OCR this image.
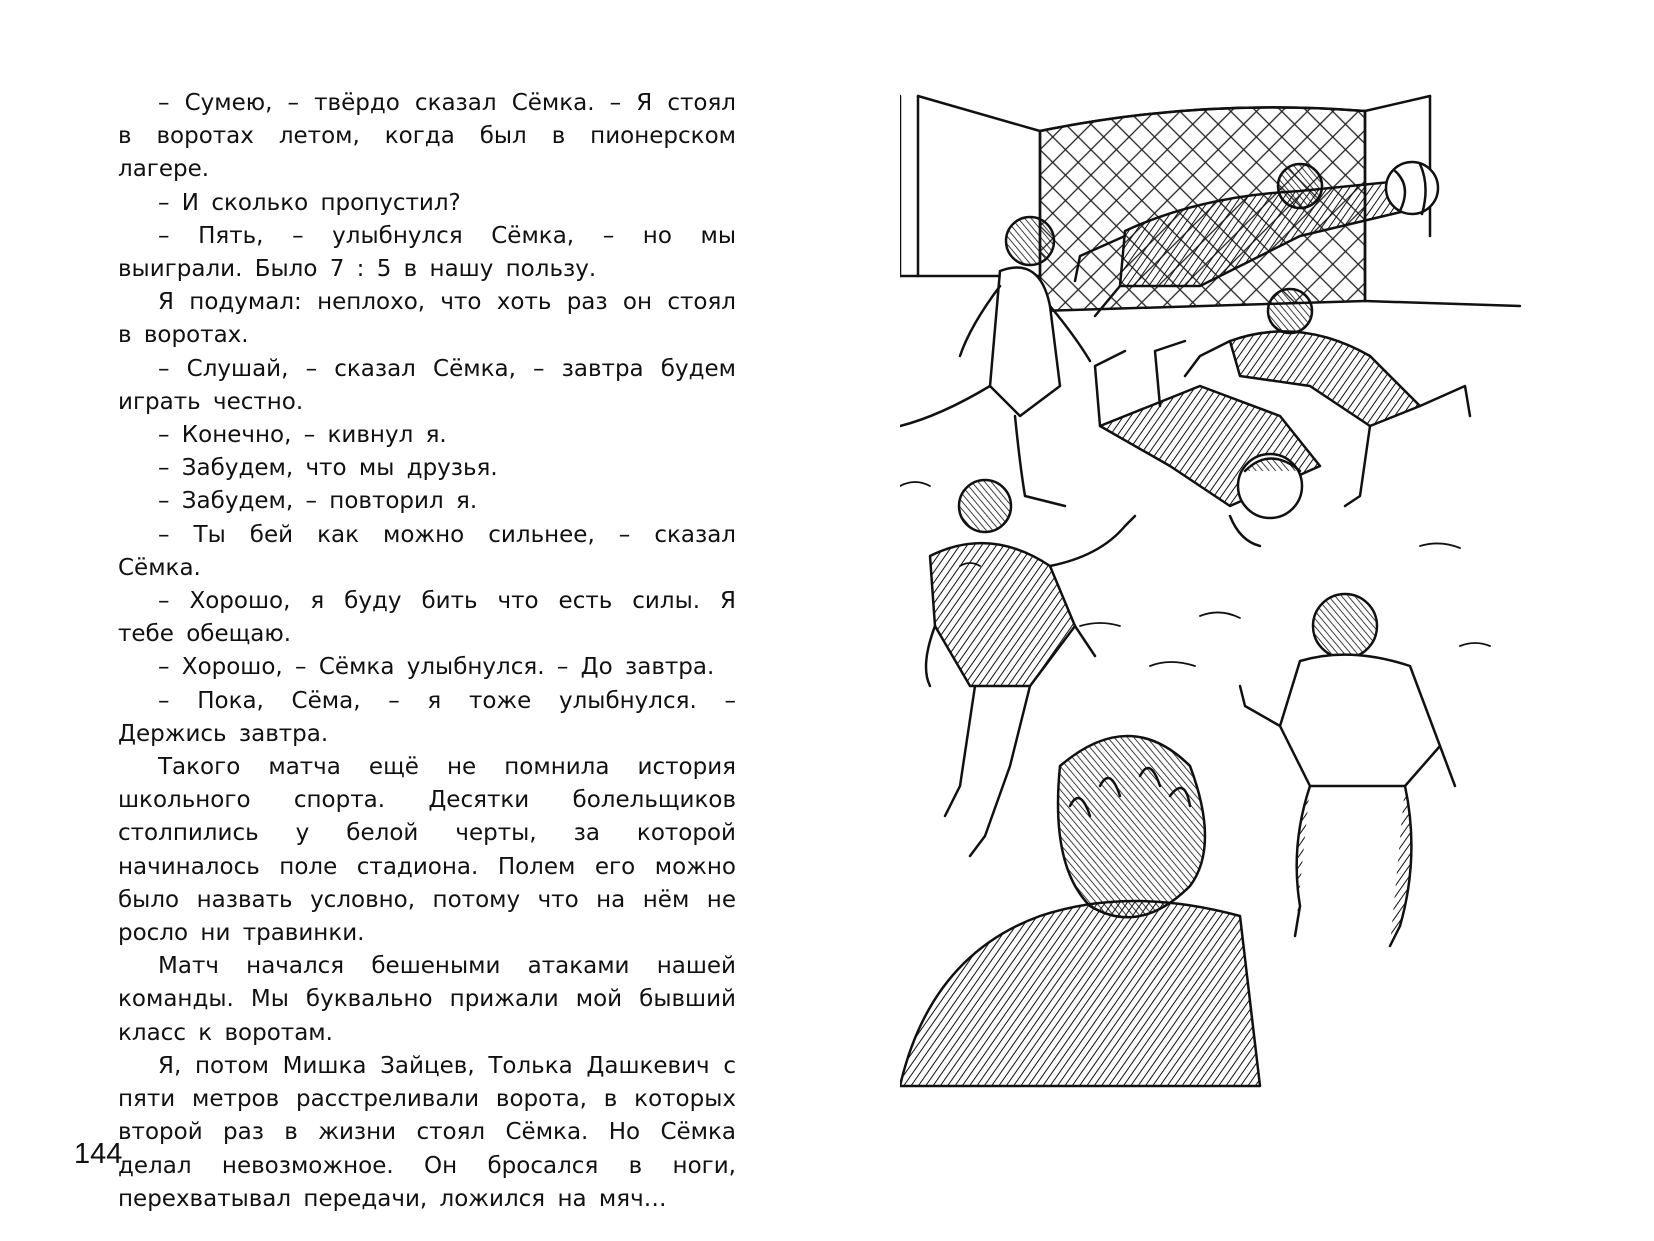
– Сумею, – твёрдо сказал Сёмка. – Я стоял в воротах летом, когда был в пионерском лагере.

– И сколько пропустил?

– Пять, – улыбнулся Сёмка, – но мы выиграли. Было 7 : 5 в нашу пользу.

Я подумал: неплохо, что хоть раз он стоял в воротах.

– Слушай, – сказал Сёмка, – завтра будем играть честно.

– Конечно, – кивнул я.

– Забудем, что мы друзья.

– Забудем, – повторил я.

– Ты бей как можно сильнее, – сказал Сёмка.

– Хорошо, я буду бить что есть силы. Я тебе обещаю.

– Хорошо, – Сёмка улыбнулся. – До завтра.

– Пока, Сёма, – я тоже улыбнулся. – Держись завтра.

Такого матча ещё не помнила история школьного спорта. Десятки болельщиков столпились у белой черты, за которой начиналось поле стадиона. Полем его можно было назвать условно, потому что на нём не росло ни травинки.

Матч начался бешеными атаками нашей команды. Мы буквально прижали мой бывший класс к воротам.

Я, потом Мишка Зайцев, Толька Дашкевич с пяти метров расстреливали ворота, в которых второй раз в жизни стоял Сёмка. Но Сёмка делал невозможное. Он бросался в ноги, перехватывал передачи, ложился на мяч…

144
